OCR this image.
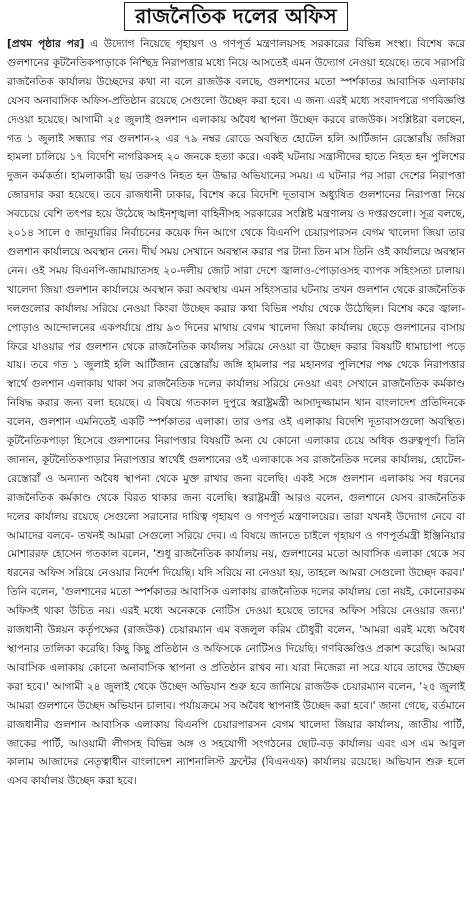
রাজনৈতিক দলের অফিস
[প্রথম পৃষ্ঠার পর] এ উদ্যোগ নিয়েছে গৃহায়ণ ও গণপূর্ত মন্ত্রণালয়সহ সরকারের বিভিন্ন সংস্থা। বিশেষ করে গুলশানের কূটনৈতিকপাড়াকে নিশ্ছিদ্র নিরাপত্তার মধ্যে নিয়ে আসতেই এমন উদ্যোগ নেওয়া হয়েছে। তবে সরাসরি রাজনৈতিক কার্যালয় উচ্ছেদের কথা না বলে রাজউক বলছে, গুলশানের মতো স্পর্শকাতর আবাসিক এলাকায় যেসব অনাবাসিক অফিস-প্রতিষ্ঠান রয়েছে সেগুলো উচ্ছেদ করা হবে। এ জন্য এরই মধ্যে সংবাদপত্রে গণবিজ্ঞপ্তি দেওয়া হয়েছে। আগামী ২৫ জুলাই গুলশান এলাকায় অবৈধ স্থাপনা উচ্ছেদ করবে রাজউক। সংশ্লিষ্টরা বলছেন, গত ১ জুলাই সন্ধ্যার পর গুলশান-২ এর ৭৯ নম্বর রোডে অবস্থিত হোটেল হলি আর্টিজান রেস্তোরাঁয় জঙ্গিরা হামলা চালিয়ে ১৭ বিদেশি নাগরিকসহ ২০ জনকে হত্যা করে। একই ঘটনায় সন্ত্রাসীদের হাতে নিহত হন পুলিশের দুজন কর্মকর্তা। হামলাকারী ছয় তরুণও নিহত হন উদ্ধার অভিযানের সময়। এ ঘটনার পর সারা দেশের নিরাপত্তা জোরদার করা হয়েছে। তবে রাজধানী ঢাকার, বিশেষ করে বিদেশি দূতাবাস অধ্যুষিত গুলশানের নিরাপত্তা নিয়ে সবচেয়ে বেশি তৎপর হয়ে উঠেছে আইনশৃঙ্খলা বাহিনীসহ সরকারের সংশ্লিষ্ট মন্ত্রণালয় ও দপ্তরগুলো। সূত্র বলছে, ২০১৪ সালে ৫ জানুয়ারির নির্বাচনের কয়েক দিন আগে থেকে বিএনপি চেয়ারপারসন বেগম খালেদা জিয়া তার গুলশান কার্যালয়ে অবস্থান নেন। দীর্ঘ সময় সেখানে অবস্থান করার পর টানা তিন মাস তিনি ওই কার্যালয়ে অবস্থান নেন। ওই সময় বিএনপি-জামায়াতসহ ২০-দলীয় জোট সারা দেশে জ্বালাও-পোড়াওসহ ব্যাপক সহিংসতা চালায়। খালেদা জিয়া গুলশান কার্যালয়ে অবস্থান করা অবস্থায় এমন সহিংসতার ঘটনায় তখন গুলশান থেকে রাজনৈতিক দলগুলোর কার্যালয় সরিয়ে নেওয়া কিংবা উচ্ছেদ করার কথা বিভিন্ন পর্যায় থেকে উঠেছিল। বিশেষ করে জ্বালা-পোড়াও আন্দোলনের একপর্যায়ে প্রায় ৯৩ দিনের মাথায় বেগম খালেদা জিয়া কার্যালয় ছেড়ে গুলশানের বাসায় ফিরে যাওয়ার পর গুলশান থেকে রাজনৈতিক কার্যালয় সরিয়ে নেওয়া বা উচ্ছেদ করার বিষয়টি ধামাচাপা পড়ে যায়। তবে গত ১ জুলাই হলি আর্টিজান রেস্তোরাঁয় জঙ্গি হামলার পর মহানগর পুলিশের পক্ষ থেকে নিরাপত্তার স্বার্থে গুলশান এলাকায় থাকা সব রাজনৈতিক দলের কার্যালয় সরিয়ে নেওয়া এবং সেখানে রাজনৈতিক কর্মকাণ্ড নিষিদ্ধ করার জন্য বলা হয়েছে। এ বিষয়ে গতকাল দুপুরে স্বরাষ্ট্রমন্ত্রী আসাদুজ্জামান খান বাংলাদেশ প্রতিদিনকে বলেন, গুলশান এমনিতেই একটি স্পর্শকাতর এলাকা। তার ওপর ওই এলাকায় বিদেশি দূতাবাসগুলো অবস্থিত। কূটনৈতিকপাড়া হিসেবে গুলশানের নিরাপত্তার বিষয়টি অন্য যে কোনো এলাকার চেয়ে অধিক গুরুত্বপূর্ণ। তিনি জানান, কূটনৈতিকপাড়ার নিরাপত্তার স্বার্থেই গুলশানের ওই এলাকাকে সব রাজনৈতিক দলের কার্যালয়, হোটেল-রেস্তোরাঁ ও অন্যান্য অবৈধ স্থাপনা থেকে মুক্ত রাখার জন্য বলেছি। একই সঙ্গে গুলশান এলাকায় সব ধরনের রাজনৈতিক কর্মকাণ্ড থেকে বিরত থাকার জন্য বলেছি। স্বরাষ্ট্রমন্ত্রী আরও বলেন, গুলশানে যেসব রাজনৈতিক দলের কার্যালয় রয়েছে সেগুলো সরানোর দায়িত্ব গৃহায়ণ ও গণপূর্ত মন্ত্রণালয়ের। তারা যখনই উদ্যোগ নেবে বা আমাদের বলবে- তখনই আমরা সেগুলো সরিয়ে দেব। এ বিষয়ে জানতে চাইলে গৃহায়ণ ও গণপূর্তমন্ত্রী ইঞ্জিনিয়ার মোশাররফ হোসেন গতকাল বলেন, 'শুধু রাজনৈতিক কার্যালয় নয়, গুলশানের মতো আবাসিক এলাকা থেকে সব ধরনের অফিস সরিয়ে নেওয়ার নির্দেশ দিয়েছি। যদি সরিয়ে না নেওয়া হয়, তাহলে আমরা সেগুলো উচ্ছেদ করব।' তিনি বলেন, 'গুলশানের মতো স্পর্শকাতর আবাসিক এলাকায় রাজনৈতিক দলের কার্যালয় তো নয়ই, কোনোরকম অফিসই থাকা উচিত নয়। এরই মধ্যে অনেককে নোটিস দেওয়া হয়েছে তাদের অফিস সরিয়ে নেওয়ার জন্য।' রাজধানী উন্নয়ন কর্তৃপক্ষের (রাজউক) চেয়ারম্যান এম বজলুল করিম চৌধুরী বলেন, 'আমরা এরই মধ্যে অবৈধ স্থাপনার তালিকা করেছি। কিছু কিছু প্রতিষ্ঠান ও অফিসকে নোটিসও দিয়েছি। গণবিজ্ঞপ্তিও প্রকাশ করেছি। আমরা আবাসিক এলাকায় কোনো অনাবাসিক স্থাপনা ও প্রতিষ্ঠান রাখব না। যারা নিজেরা না সরে যাবে তাদের উচ্ছেদ করা হবে।' আগামী ২৪ জুলাই থেকে উচ্ছেদ অভিযান শুরু হবে জানিয়ে রাজউক চেয়ারম্যান বলেন, '২৫ জুলাই আমরা গুলশানে উচ্ছেদ অভিযান চালাব। পর্যায়ক্রমে সব অবৈধ স্থাপনাই উচ্ছেদ করা হবে।' জানা গেছে, বর্তমানে রাজধানীর গুলশান আবাসিক এলাকায় বিএনপি চেয়ারপারসন বেগম খালেদা জিয়ার কার্যালয়, জাতীয় পার্টি, জাকের পার্টি, আওয়ামী লীগসহ বিভিন্ন অঙ্গ ও সহযোগী সংগঠনের ছোট-বড় কার্যালয় এবং এস এম আবুল কালাম আজাদের নেতৃত্বাধীন বাংলাদেশ ন্যাশনালিস্ট ফ্রন্টের (বিএনএফ) কার্যালয় রয়েছে। অভিযান শুরু হলে এসব কার্যালয় উচ্ছেদ করা হবে।
